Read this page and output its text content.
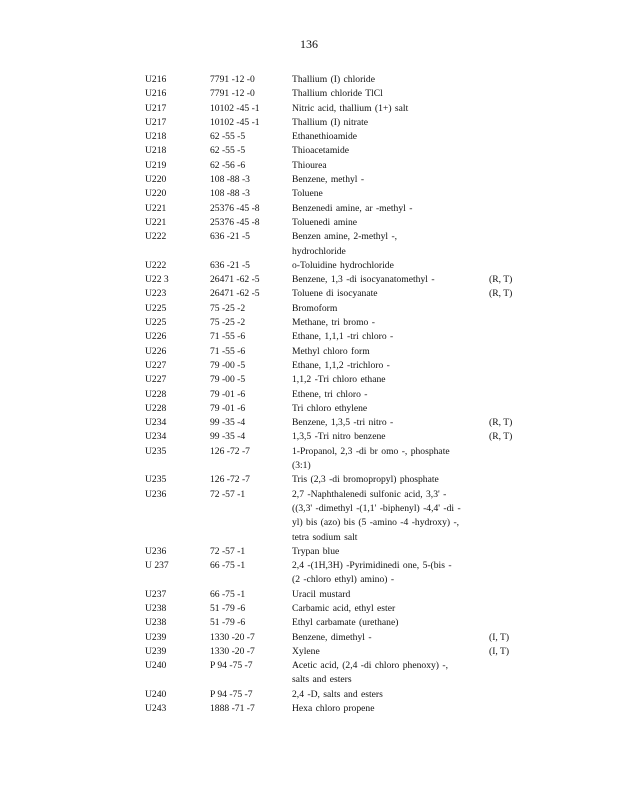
136
U216	7791 -12 -0	Thallium (I) chloride
U216	7791 -12 -0	Thallium chloride TlCl
U217	10102 -45 -1	Nitric acid, thallium (1+) salt
U217	10102 -45 -1	Thallium (I) nitrate
U218	62 -55 -5	Ethanethioamide
U218	62 -55 -5	Thioacetamide
U219	62 -56 -6	Thiourea
U220	108 -88 -3	Benzene, methyl -
U220	108 -88 -3	Toluene
U221	25376 -45 -8	Benzenedi amine, ar -methyl -
U221	25376 -45 -8	Toluenedi amine
U222	636 -21 -5	Benzen amine, 2-methyl -,
hydrochloride
U222	636 -21 -5	o-Toluidine hydrochloride
U22 3	26471 -62 -5	Benzene, 1,3 -di isocyanatomethyl -	(R, T)
U223	26471 -62 -5	Toluene di isocyanate	(R, T)
U225	75 -25 -2	Bromoform
U225	75 -25 -2	Methane, tri bromo -
U226	71 -55 -6	Ethane, 1,1,1 -tri chloro -
U226	71 -55 -6	Methyl chloro form
U227	79 -00 -5	Ethane, 1,1,2 -trichloro -
U227	79 -00 -5	1,1,2 -Tri chloro ethane
U228	79 -01 -6	Ethene, tri chloro -
U228	79 -01 -6	Tri chloro ethylene
U234	99 -35 -4	Benzene, 1,3,5 -tri nitro -	(R, T)
U234	99 -35 -4	1,3,5 -Tri nitro benzene	(R, T)
U235	126 -72 -7	1-Propanol, 2,3 -di br omo -, phosphate
(3:1)
U235	126 -72 -7	Tris (2,3 -di bromopropyl) phosphate
U236	72 -57 -1	2,7 -Naphthalenedi sulfonic acid, 3,3' -
((3,3' -dimethyl -(1,1' -biphenyl) -4,4' -di -
yl) bis (azo) bis (5 -amino -4 -hydroxy) -,
tetra sodium salt
U236	72 -57 -1	Trypan blue
U 237	66 -75 -1	2,4 -(1H,3H) -Pyrimidinedi one, 5-(bis -
(2 -chloro ethyl) amino) -
U237	66 -75 -1	Uracil mustard
U238	51 -79 -6	Carbamic acid, ethyl ester
U238	51 -79 -6	Ethyl carbamate (urethane)
U239	1330 -20 -7	Benzene, dimethyl -	(I, T)
U239	1330 -20 -7	Xylene	(I, T)
U240	P 94 -75 -7	Acetic acid, (2,4 -di chloro phenoxy) -,
salts and esters
U240	P 94 -75 -7	2,4 -D, salts and esters
U243	1888 -71 -7	Hexa chloro propene
